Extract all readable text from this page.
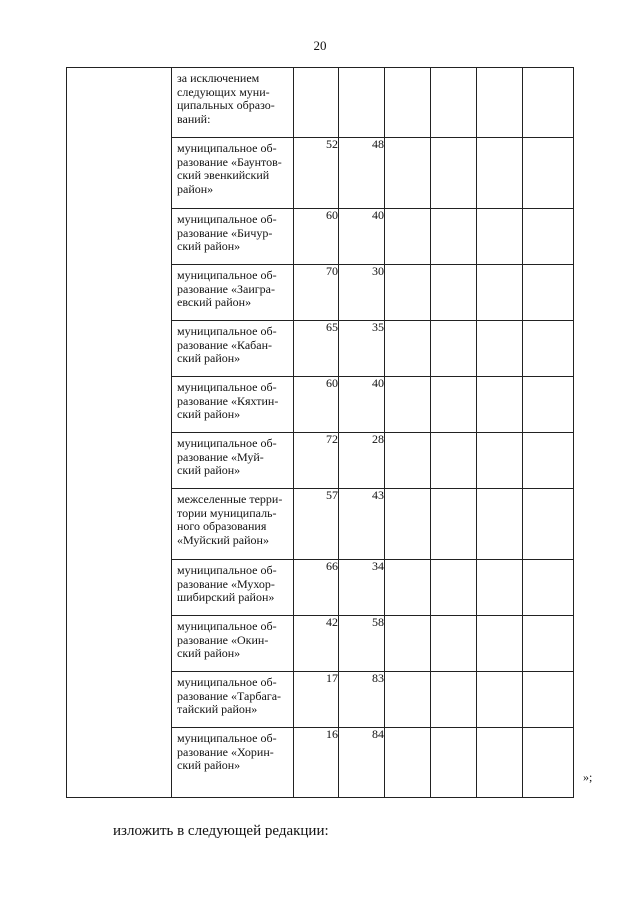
20

	за исключением
следующих муни-
ципальных образо-
ваний:						

	муниципальное об-
разование «Баунтов-
ский эвенкийский
район»	52	48				

	муниципальное об-
разование «Бичур-
ский район»	60	40				

	муниципальное об-
разование «Заигра-
евский район»	70	30				

	муниципальное об-
разование «Кабан-
ский район»	65	35				

	муниципальное об-
разование «Кяхтин-
ский район»	60	40				

	муниципальное об-
разование «Муй-
ский район»	72	28				

	межселенные терри-
тории муниципаль-
ного образования
«Муйский район»	57	43				

	муниципальное об-
разование «Мухор-
шибирский район»	66	34				

	муниципальное об-
разование «Окин-
ский район»	42	58				

	муниципальное об-
разование «Тарбага-
тайский район»	17	83				

	муниципальное об-
разование «Хорин-
ский район»	16	84				
»;
изложить в следующей редакции:
